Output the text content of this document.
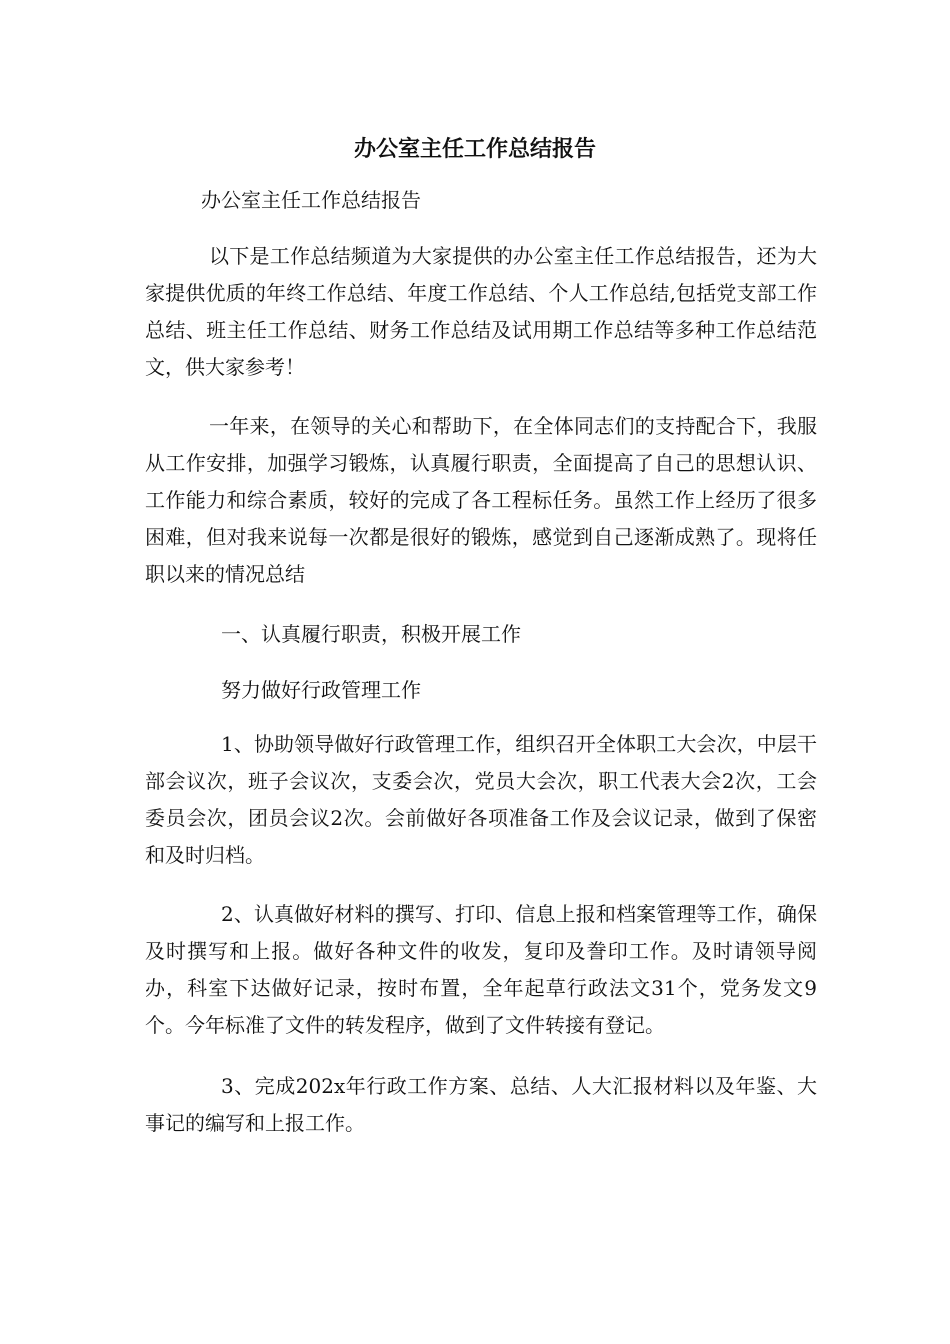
办公室主任工作总结报告

办公室主任工作总结报告

以下是工作总结频道为大家提供的办公室主任工作总结报告，还为大家提供优质的年终工作总结、年度工作总结、个人工作总结,包括党支部工作总结、班主任工作总结、财务工作总结及试用期工作总结等多种工作总结范文，供大家参考！

一年来，在领导的关心和帮助下，在全体同志们的支持配合下，我服从工作安排，加强学习锻炼，认真履行职责，全面提高了自己的思想认识、工作能力和综合素质，较好的完成了各工程标任务。虽然工作上经历了很多困难，但对我来说每一次都是很好的锻炼，感觉到自己逐渐成熟了。现将任职以来的情况总结

一、认真履行职责，积极开展工作

努力做好行政管理工作

1、协助领导做好行政管理工作，组织召开全体职工大会次，中层干部会议次，班子会议次，支委会次，党员大会次，职工代表大会2次，工会委员会次，团员会议2次。会前做好各项准备工作及会议记录，做到了保密和及时归档。

2、认真做好材料的撰写、打印、信息上报和档案管理等工作，确保及时撰写和上报。做好各种文件的收发，复印及誊印工作。及时请领导阅办，科室下达做好记录，按时布置，全年起草行政法文31个，党务发文9个。今年标准了文件的转发程序，做到了文件转接有登记。

3、完成202x年行政工作方案、总结、人大汇报材料以及年鉴、大事记的编写和上报工作。
